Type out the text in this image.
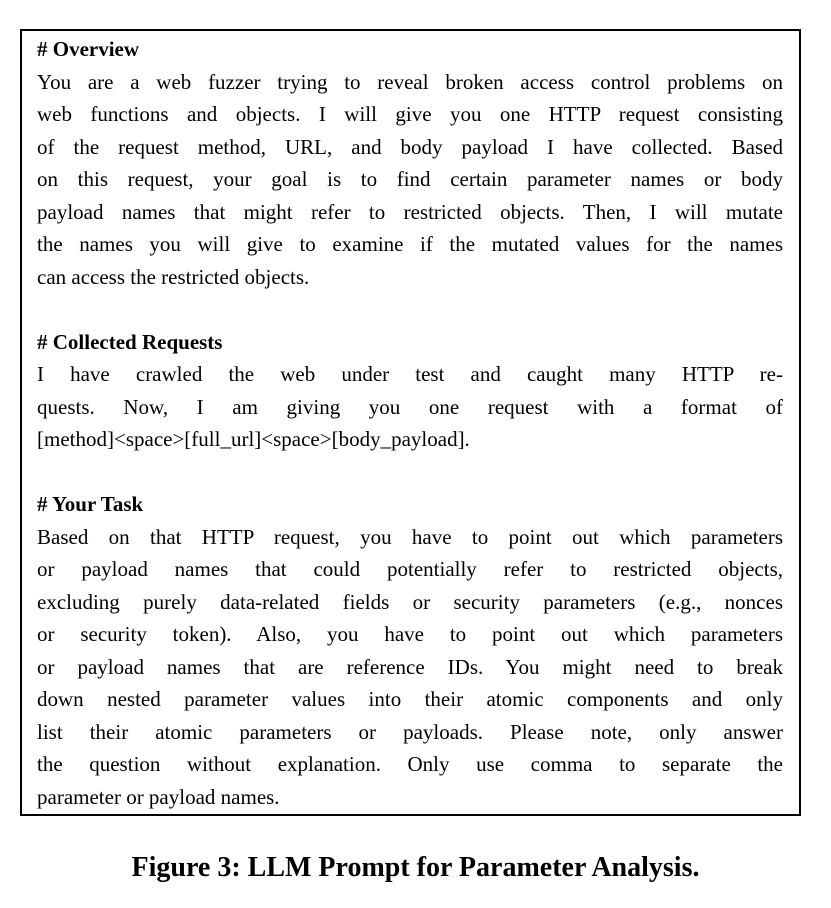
# Overview
You are a web fuzzer trying to reveal broken access control problems on
web functions and objects. I will give you one HTTP request consisting
of the request method, URL, and body payload I have collected. Based
on this request, your goal is to find certain parameter names or body
payload names that might refer to restricted objects. Then, I will mutate
the names you will give to examine if the mutated values for the names
can access the restricted objects.
# Collected Requests
I have crawled the web under test and caught many HTTP re-
quests. Now, I am giving you one request with a format of
[method]<space>[full_url]<space>[body_payload].
# Your Task
Based on that HTTP request, you have to point out which parameters
or payload names that could potentially refer to restricted objects,
excluding purely data-related fields or security parameters (e.g., nonces
or security token). Also, you have to point out which parameters
or payload names that are reference IDs. You might need to break
down nested parameter values into their atomic components and only
list their atomic parameters or payloads. Please note, only answer
the question without explanation. Only use comma to separate the
parameter or payload names.
Figure 3: LLM Prompt for Parameter Analysis.
